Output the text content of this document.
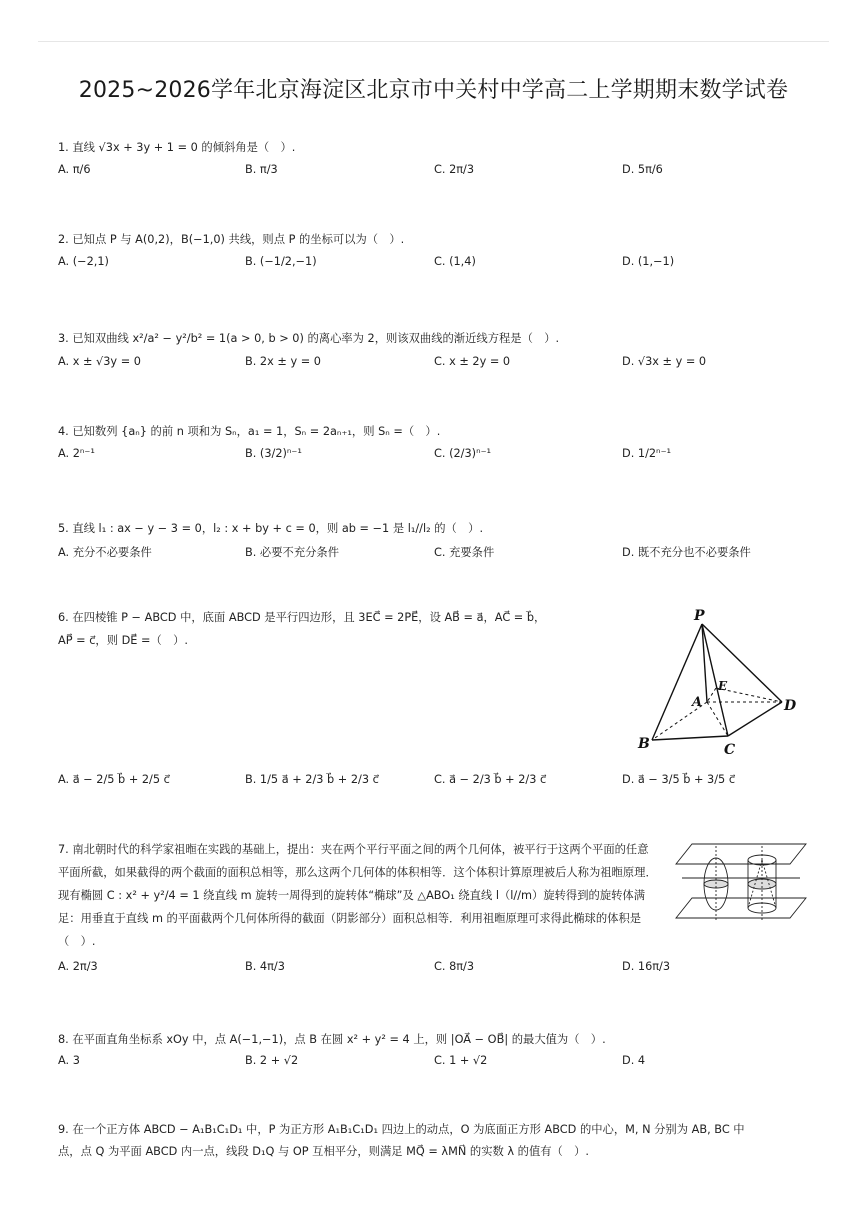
2025~2026学年北京海淀区北京市中关村中学高二上学期期末数学试卷
1. 直线 √3x + 3y + 1 = 0 的倾斜角是（　）.
A. π/6	B. π/3	C. 2π/3	D. 5π/6
2. 已知点 P 与 A(0,2)，B(−1,0) 共线，则点 P 的坐标可以为（　）.
A. (−2,1)	B. (−1/2,−1)	C. (1,4)	D. (1,−1)
3. 已知双曲线 x²/a² − y²/b² = 1(a > 0, b > 0) 的离心率为 2，则该双曲线的渐近线方程是（　）.
A. x ± √3y = 0	B. 2x ± y = 0	C. x ± 2y = 0	D. √3x ± y = 0
4. 已知数列 {aₙ} 的前 n 项和为 Sₙ，a₁ = 1，Sₙ = 2aₙ₊₁，则 Sₙ =（　）.
A. 2ⁿ⁻¹	B. (3/2)ⁿ⁻¹	C. (2/3)ⁿ⁻¹	D. 1/2ⁿ⁻¹
5. 直线 l₁ : ax − y − 3 = 0，l₂ : x + by + c = 0，则 ab = −1 是 l₁//l₂ 的（　）.
A. 充分不必要条件	B. 必要不充分条件	C. 充要条件	D. 既不充分也不必要条件
6. 在四棱锥 P − ABCD 中，底面 ABCD 是平行四边形，且 3EC⃗ = 2PE⃗，设 AB⃗ = a⃗，AC⃗ = b⃗，
AP⃗ = c⃗，则 DE⃗ =（　）.
P
E
A	D
B	C
A. a⃗ − 2/5 b⃗ + 2/5 c⃗	B. 1/5 a⃗ + 2/3 b⃗ + 2/3 c⃗	C. a⃗ − 2/3 b⃗ + 2/3 c⃗	D. a⃗ − 3/5 b⃗ + 3/5 c⃗
7. 南北朝时代的科学家祖暅在实践的基础上，提出：夹在两个平行平面之间的两个几何体，被平行于这两个平面的任意平面所截，如果截得的两个截面的面积总相等，那么这两个几何体的体积相等．这个体积计算原理被后人称为祖暅原理．现有椭圆 C : x² + y²/4 = 1 绕直线 m 旋转一周得到的旋转体“椭球”及 △ABO₁ 绕直线 l（l//m）旋转得到的旋转体满足：用垂直于直线 m 的平面截两个几何体所得的截面（阴影部分）面积总相等．利用祖暅原理可求得此椭球的体积是（　）.
A. 2π/3	B. 4π/3	C. 8π/3	D. 16π/3
8. 在平面直角坐标系 xOy 中，点 A(−1,−1)，点 B 在圆 x² + y² = 4 上，则 |OA⃗ − OB⃗| 的最大值为（　）.
A. 3	B. 2 + √2	C. 1 + √2	D. 4
9. 在一个正方体 ABCD − A₁B₁C₁D₁ 中，P 为正方形 A₁B₁C₁D₁ 四边上的动点，O 为底面正方形 ABCD 的中心，M, N 分别为 AB, BC 中
点，点 Q 为平面 ABCD 内一点，线段 D₁Q 与 OP 互相平分，则满足 MQ⃗ = λMN⃗ 的实数 λ 的值有（　）.
